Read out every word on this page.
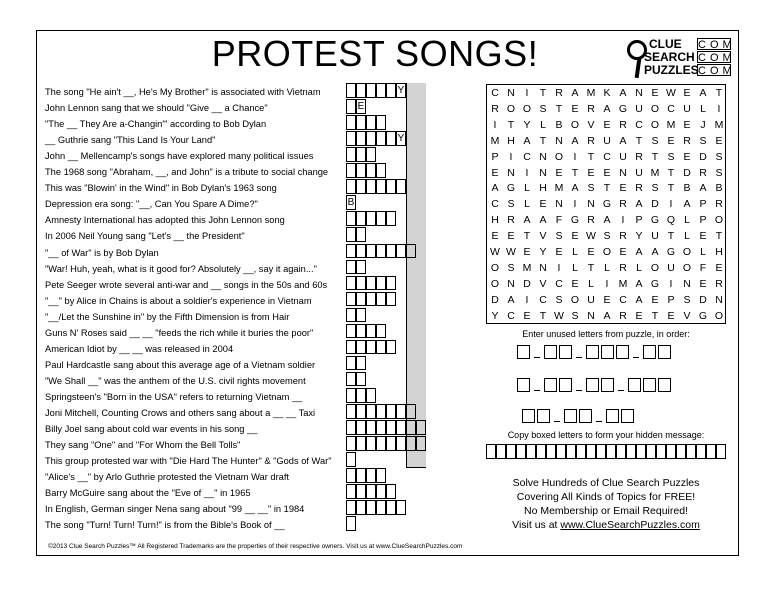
PROTEST SONGS!	CLUE
SEARCH
PUZZLES
COM
COM
COM
The song "He ain't __, He's My Brother" is associated with Vietnam
John Lennon sang that we should "Give __ a Chance"
"The __ They Are a-Changin'" according to Bob Dylan
__ Guthrie sang "This Land Is Your Land"
John __ Mellencamp's songs have explored many political issues
The 1968 song "Abraham, __, and John" is a tribute to social change
This was "Blowin' in the Wind" in Bob Dylan's 1963 song
Depression era song: "__, Can You Spare A Dime?"
Amnesty International has adopted this John Lennon song
In 2006 Neil Young sang "Let's __ the President"
"__ of War" is by Bob Dylan
"War! Huh, yeah, what is it good for? Absolutely __, say it again..."
Pete Seeger wrote several anti-war and __ songs in the 50s and 60s
"__" by Alice in Chains is about a soldier's experience in Vietnam
"__/Let the Sunshine in" by the Fifth Dimension is from Hair
Guns N' Roses said __ __ "feeds the rich while it buries the poor"
American Idiot by __ __ was released in 2004
Paul Hardcastle sang about this average age of a Vietnam soldier
"We Shall __" was the anthem of the U.S. civil rights movement
Springsteen's "Born in the USA" refers to returning Vietnam __
Joni Mitchell, Counting Crows and others sang about a __ __ Taxi
Billy Joel sang about cold war events in his song __
They sang "One" and "For Whom the Bell Tolls"
This group protested war with "Die Hard The Hunter" & "Gods of War"
"Alice's __" by Arlo Guthrie protested the Vietnam War draft
Barry McGuire sang about the "Eve of __" in 1965
In English, German singer Nena sang about "99 __ __" in 1984
The song "Turn! Turn! Turn!" is from the Bible's Book of __
Y
E
Y
B
C N	I	T R A M K A N E W E A T
R O O S T E R A G U O C U L	I
I	T Y L B O V E R C O M E J M
M H A T N A R U A T S E R S E
P	I	C N O I	T C U R T S E D S
E N	I	N E T E E N U M T D R S
A G L H M A S T E R S T B A B
C S L E N	I	N G R A D	I	A P R
H R A A F G R A	I	P G Q L P O
E E T V S E W S R Y U T L E T
W W E Y E L E O E A A G O L H
O S M N	I	L T L R L O U O F E
O N D V C E L	I M A G I	N E R
D A	I	C S O U E C A E P S D N
Y C E T W S N A R E T E V G O
Enter unused letters from puzzle, in order:
Copy boxed letters to form your hidden message:
Solve Hundreds of Clue Search Puzzles
Covering All Kinds of Topics for FREE!
No Membership or Email Required!
Visit us at www.ClueSearchPuzzles.com
©2013 Clue Search Puzzles™ All Registered Trademarks are the properties of their respective owners. Visit us at www.ClueSearchPuzzles.com
